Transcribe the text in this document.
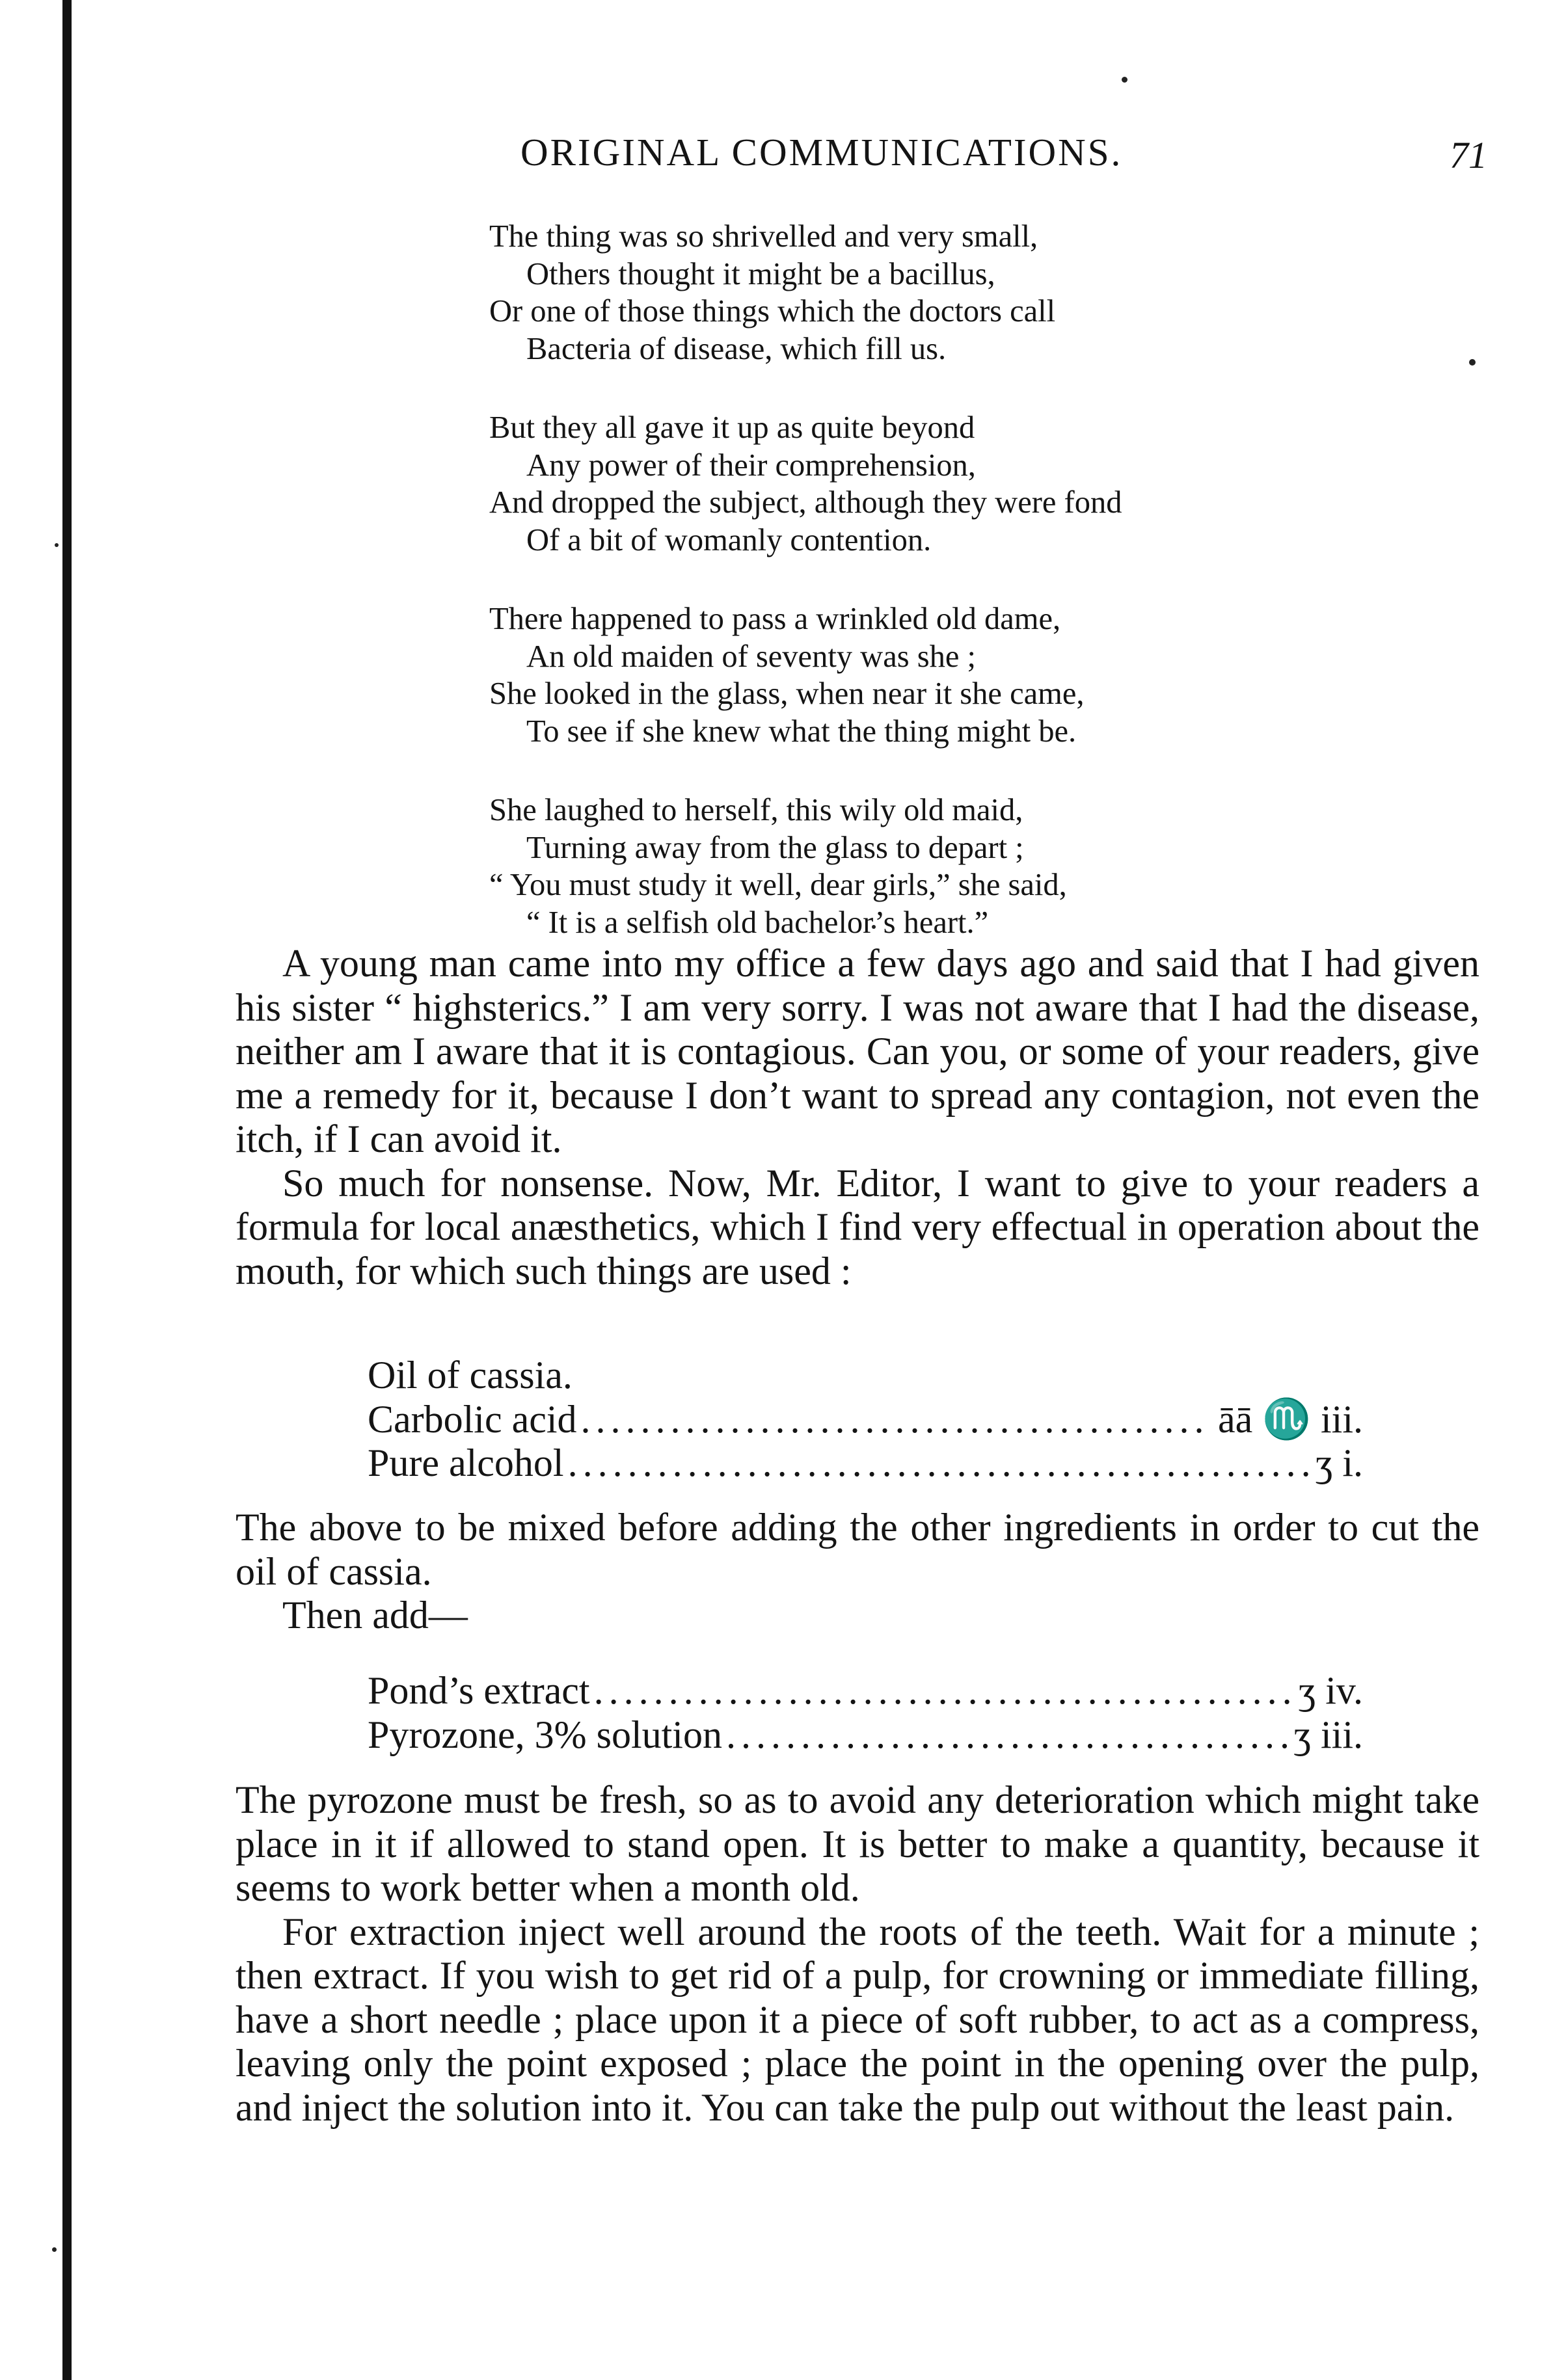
ORIGINAL COMMUNICATIONS.	71
The thing was so shrivelled and very small,
Others thought it might be a bacillus,
Or one of those things which the doctors call
Bacteria of disease, which fill us.
But they all gave it up as quite beyond
Any power of their comprehension,
And dropped the subject, although they were fond
Of a bit of womanly contention.
There happened to pass a wrinkled old dame,
An old maiden of seventy was she ;
She looked in the glass, when near it she came,
To see if she knew what the thing might be.
She laughed to herself, this wily old maid,
Turning away from the glass to depart ;
“ You must study it well, dear girls,” she said,
“ It is a selfish old bachelor’s heart.”

A young man came into my office a few days ago and said that I had given his sister “ highsterics.” I am very sorry. I was not aware that I had the disease, neither am I aware that it is contagious. Can you, or some of your readers, give me a remedy for it, because I don’t want to spread any contagion, not even the itch, if I can avoid it.

So much for nonsense. Now, Mr. Editor, I want to give to your readers a formula for local anæsthetics, which I find very effectual in operation about the mouth, for which such things are used :

Oil of cassia.
Carbolic acid .....	āā ♏ iii.
Pure alcohol .....	ʒ i.

The above to be mixed before adding the other ingredients in order to cut the oil of cassia.

Then add—

Pond’s extract .....	ʒ iv.
Pyrozone, 3% solution .....	ʒ iii.

The pyrozone must be fresh, so as to avoid any deterioration which might take place in it if allowed to stand open. It is better to make a quantity, because it seems to work better when a month old.

For extraction inject well around the roots of the teeth. Wait for a minute ; then extract. If you wish to get rid of a pulp, for crowning or immediate filling, have a short needle ; place upon it a piece of soft rubber, to act as a compress, leaving only the point exposed ; place the point in the opening over the pulp, and inject the solution into it. You can take the pulp out without the least pain.
